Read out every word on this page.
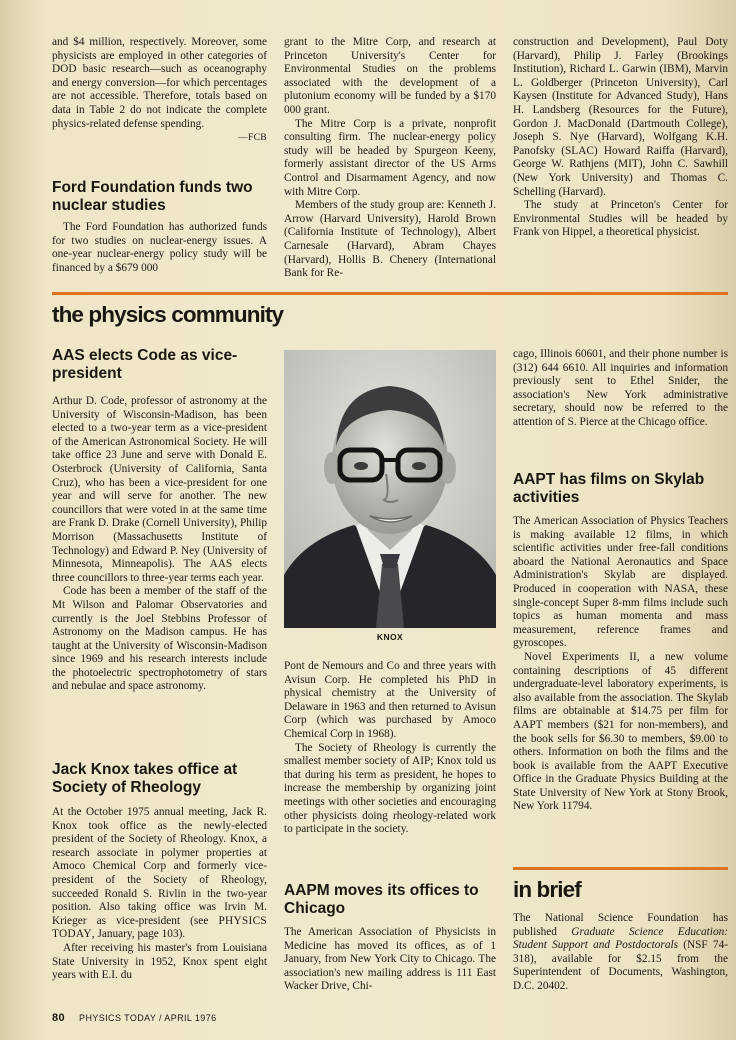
and $4 million, respectively. Moreover, some physicists are employed in other categories of DOD basic research—such as oceanography and energy conversion—for which percentages are not accessible. Therefore, totals based on data in Table 2 do not indicate the complete physics-related defense spending.

—FCB

Ford Foundation funds two nuclear studies

The Ford Foundation has authorized funds for two studies on nuclear-energy issues. A one-year nuclear-energy policy study will be financed by a $679 000

grant to the Mitre Corp, and research at Princeton University's Center for Environmental Studies on the problems associated with the development of a plutonium economy will be funded by a $170 000 grant.

The Mitre Corp is a private, nonprofit consulting firm. The nuclear-energy policy study will be headed by Spurgeon Keeny, formerly assistant director of the US Arms Control and Disarmament Agency, and now with Mitre Corp.

Members of the study group are: Kenneth J. Arrow (Harvard University), Harold Brown (California Institute of Technology), Albert Carnesale (Harvard), Abram Chayes (Harvard), Hollis B. Chenery (International Bank for Re-

construction and Development), Paul Doty (Harvard), Philip J. Farley (Brookings Institution), Richard L. Garwin (IBM), Marvin L. Goldberger (Princeton University), Carl Kaysen (Institute for Advanced Study), Hans H. Landsberg (Resources for the Future), Gordon J. MacDonald (Dartmouth College), Joseph S. Nye (Harvard), Wolfgang K.H. Panofsky (SLAC) Howard Raiffa (Harvard), George W. Rathjens (MIT), John C. Sawhill (New York University) and Thomas C. Schelling (Harvard).

The study at Princeton's Center for Environmental Studies will be headed by Frank von Hippel, a theoretical physicist.

the physics community
AAS elects Code as vice-president

Arthur D. Code, professor of astronomy at the University of Wisconsin-Madison, has been elected to a two-year term as a vice-president of the American Astronomical Society. He will take office 23 June and serve with Donald E. Osterbrock (University of California, Santa Cruz), who has been a vice-president for one year and will serve for another. The new councillors that were voted in at the same time are Frank D. Drake (Cornell University), Philip Morrison (Massachusetts Institute of Technology) and Edward P. Ney (University of Minnesota, Minneapolis). The AAS elects three councillors to three-year terms each year.

Code has been a member of the staff of the Mt Wilson and Palomar Observatories and currently is the Joel Stebbins Professor of Astronomy on the Madison campus. He has taught at the University of Wisconsin-Madison since 1969 and his research interests include the photoelectric spectrophotometry of stars and nebulae and space astronomy.

Jack Knox takes office at Society of Rheology

At the October 1975 annual meeting, Jack R. Knox took office as the newly-elected president of the Society of Rheology. Knox, a research associate in polymer properties at Amoco Chemical Corp and formerly vice-president of the Society of Rheology, succeeded Ronald S. Rivlin in the two-year position. Also taking office was Irvin M. Krieger as vice-president (see PHYSICS TODAY, January, page 103).

After receiving his master's from Louisiana State University in 1952, Knox spent eight years with E.I. du

KNOX

Pont de Nemours and Co and three years with Avisun Corp. He completed his PhD in physical chemistry at the University of Delaware in 1963 and then returned to Avisun Corp (which was purchased by Amoco Chemical Corp in 1968).

The Society of Rheology is currently the smallest member society of AIP; Knox told us that during his term as president, he hopes to increase the membership by organizing joint meetings with other societies and encouraging other physicists doing rheology-related work to participate in the society.

AAPM moves its offices to Chicago

The American Association of Physicists in Medicine has moved its offices, as of 1 January, from New York City to Chicago. The association's new mailing address is 111 East Wacker Drive, Chi-

cago, Illinois 60601, and their phone number is (312) 644 6610. All inquiries and information previously sent to Ethel Snider, the association's New York administrative secretary, should now be referred to the attention of S. Pierce at the Chicago office.

AAPT has films on Skylab activities

The American Association of Physics Teachers is making available 12 films, in which scientific activities under free-fall conditions aboard the National Aeronautics and Space Administration's Skylab are displayed. Produced in cooperation with NASA, these single-concept Super 8-mm films include such topics as human momenta and mass measurement, reference frames and gyroscopes.

Novel Experiments II, a new volume containing descriptions of 45 different undergraduate-level laboratory experiments, is also available from the association. The Skylab films are obtainable at $14.75 per film for AAPT members ($21 for non-members), and the book sells for $6.30 to members, $9.00 to others. Information on both the films and the book is available from the AAPT Executive Office in the Graduate Physics Building at the State University of New York at Stony Brook, New York 11794.

in brief

The National Science Foundation has published Graduate Science Education: Student Support and Postdoctorals (NSF 74-318), available for $2.15 from the Superintendent of Documents, Washington, D.C. 20402.

80 PHYSICS TODAY / APRIL 1976
